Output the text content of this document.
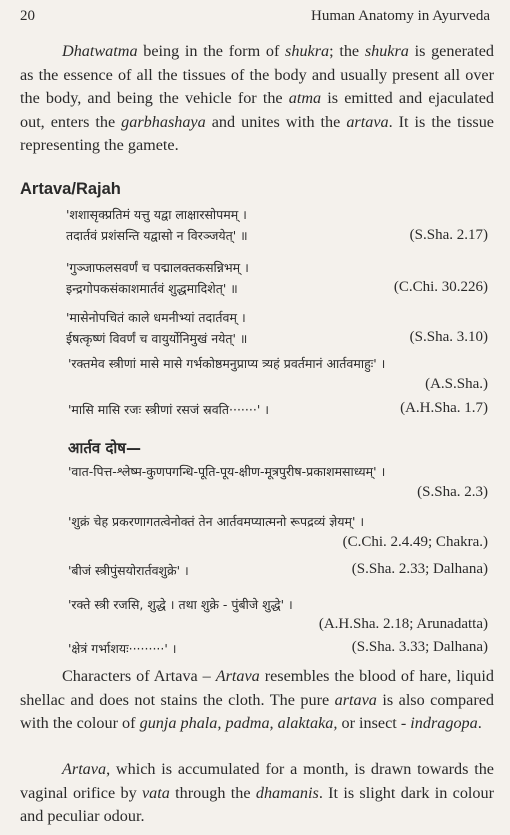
20	Human Anatomy in Ayurveda

Dhatwatma being in the form of shukra; the shukra is generated as the essence of all the tissues of the body and usually present all over the body, and being the vehicle for the atma is emitted and ejaculated out, enters the garbhashaya and unites with the artava. It is the tissue representing the gamete.

Artava/Rajah
'शशासृक्प्रतिमं यत्तु यद्वा लाक्षारसोपमम् ।
तदार्तवं प्रशंसन्ति यद्वासो न विरञ्जयेत्' ॥	(S.Sha. 2.17)
'गुञ्जाफलसवर्णं च पद्मालक्तकसन्निभम् ।
इन्द्रगोपकसंकाशमार्तवं शुद्धमादिशेत्' ॥	(C.Chi. 30.226)
'मासेनोपचितं काले धमनीभ्यां तदार्तवम् ।
ईषत्कृष्णं विवर्णं च वायुर्योनिमुखं नयेत्' ॥	(S.Sha. 3.10)
'रक्तमेव स्त्रीणां मासे मासे गर्भकोष्ठमनुप्राप्य त्र्यहं प्रवर्तमानं आर्तवमाहुः' ।
(A.S.Sha.)
'मासि मासि रजः स्त्रीणां रसजं स्रवति·······' ।	(A.H.Sha. 1.7)
आर्तव दोष—
'वात-पित्त-श्लेष्म-कुणपगन्धि-पूति-पूय-क्षीण-मूत्रपुरीष-प्रकाशमसाध्यम्' ।
(S.Sha. 2.3)
'शुक्रं चेह प्रकरणागतत्वेनोक्तं तेन आर्तवमप्यात्मनो रूपद्रव्यं ज्ञेयम्' ।
(C.Chi. 2.4.49; Chakra.)
'बीजं स्त्रीपुंसयोरार्तवशुक्रे' ।	(S.Sha. 2.33; Dalhana)
'रक्ते स्त्री रजसि, शुद्धे । तथा शुक्रे - पुंबीजे शुद्धे' ।
(A.H.Sha. 2.18; Arunadatta)
'क्षेत्रं गर्भाशयः·········' ।	(S.Sha. 3.33; Dalhana)

Characters of Artava – Artava resembles the blood of hare, liquid shellac and does not stains the cloth. The pure artava is also compared with the colour of gunja phala, padma, alaktaka, or insect - indragopa.

Artava, which is accumulated for a month, is drawn towards the vaginal orifice by vata through the dhamanis. It is slight dark in colour and peculiar odour.
